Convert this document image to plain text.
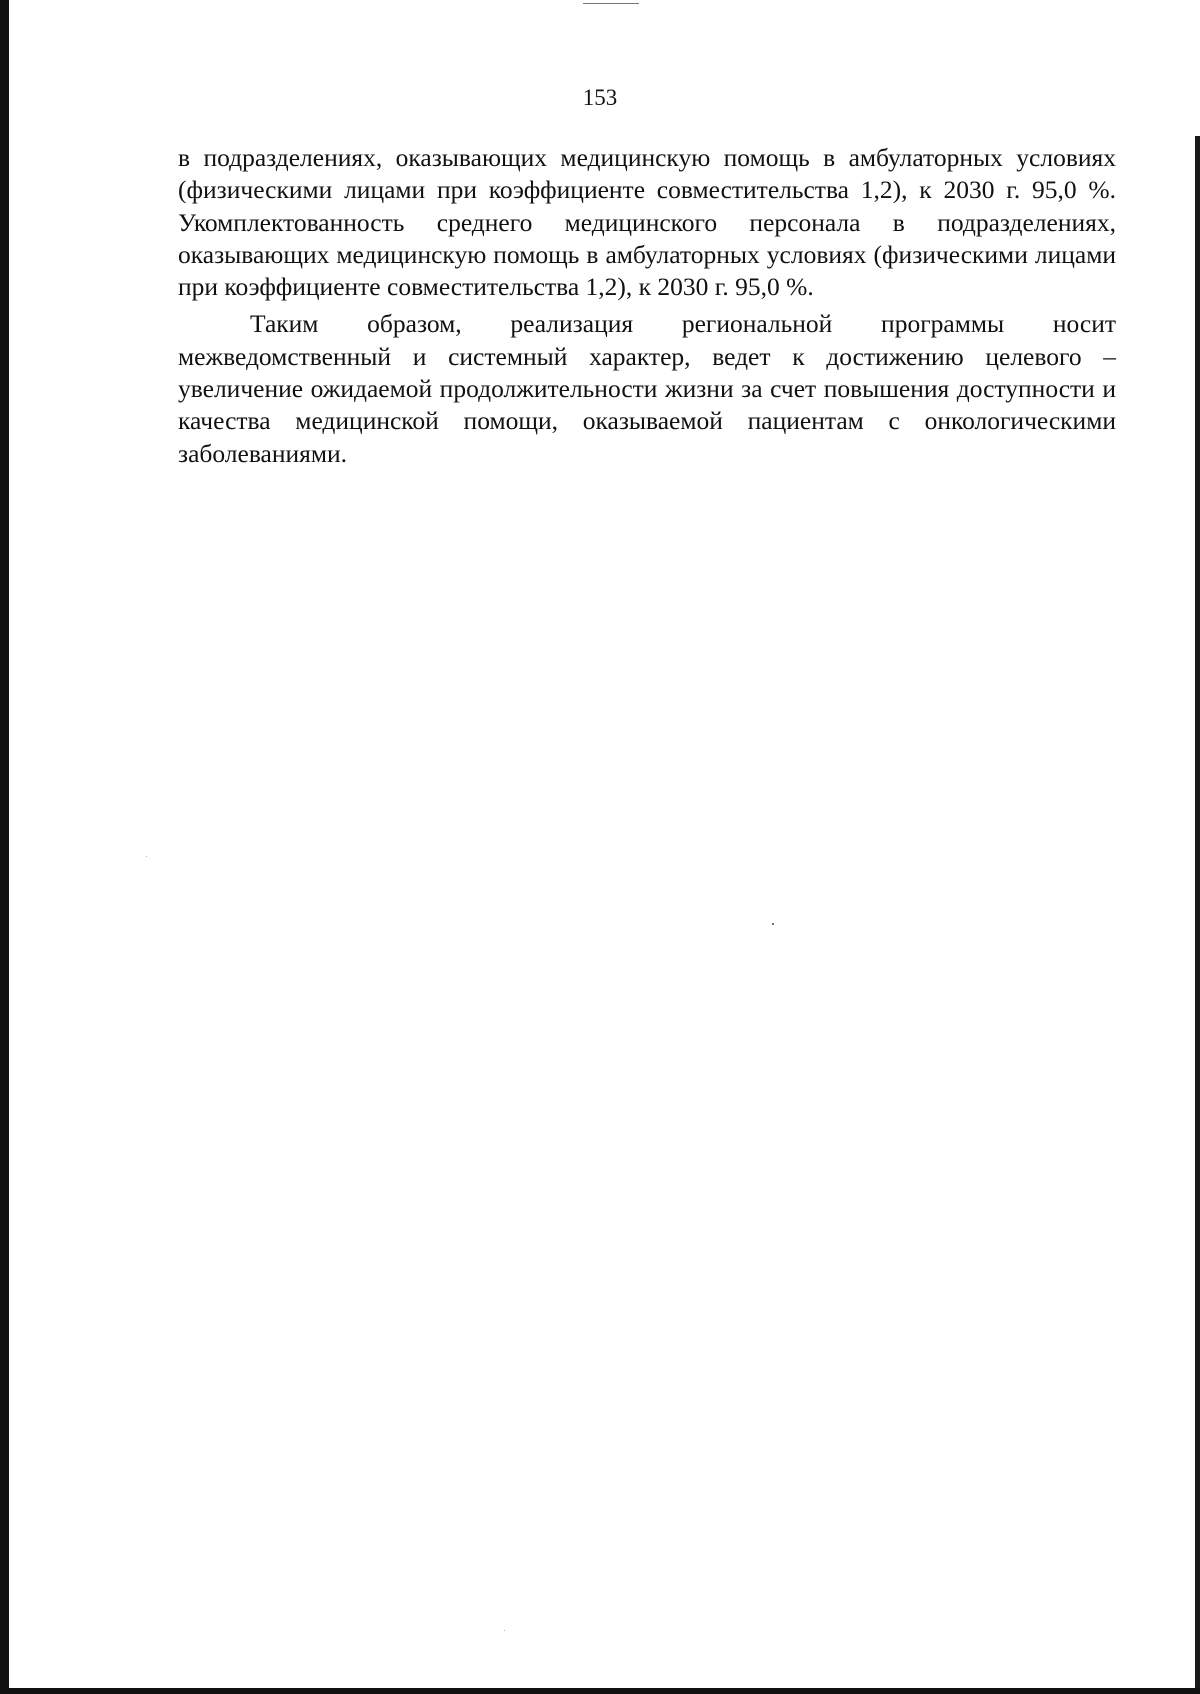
153

в подразделениях, оказывающих медицинскую помощь в амбулаторных условиях (физическими лицами при коэффициенте совместительства 1,2), к 2030 г. 95,0 %. Укомплектованность среднего медицинского персонала в подразделениях, оказывающих медицинскую помощь в амбулаторных условиях (физическими лицами при коэффициенте совместительства 1,2), к 2030 г. 95,0 %.

Таким образом, реализация региональной программы носит межведомственный и системный характер, ведет к достижению целевого – увеличение ожидаемой продолжительности жизни за счет повышения доступности и качества медицинской помощи, оказываемой пациентам с онкологическими заболеваниями.
